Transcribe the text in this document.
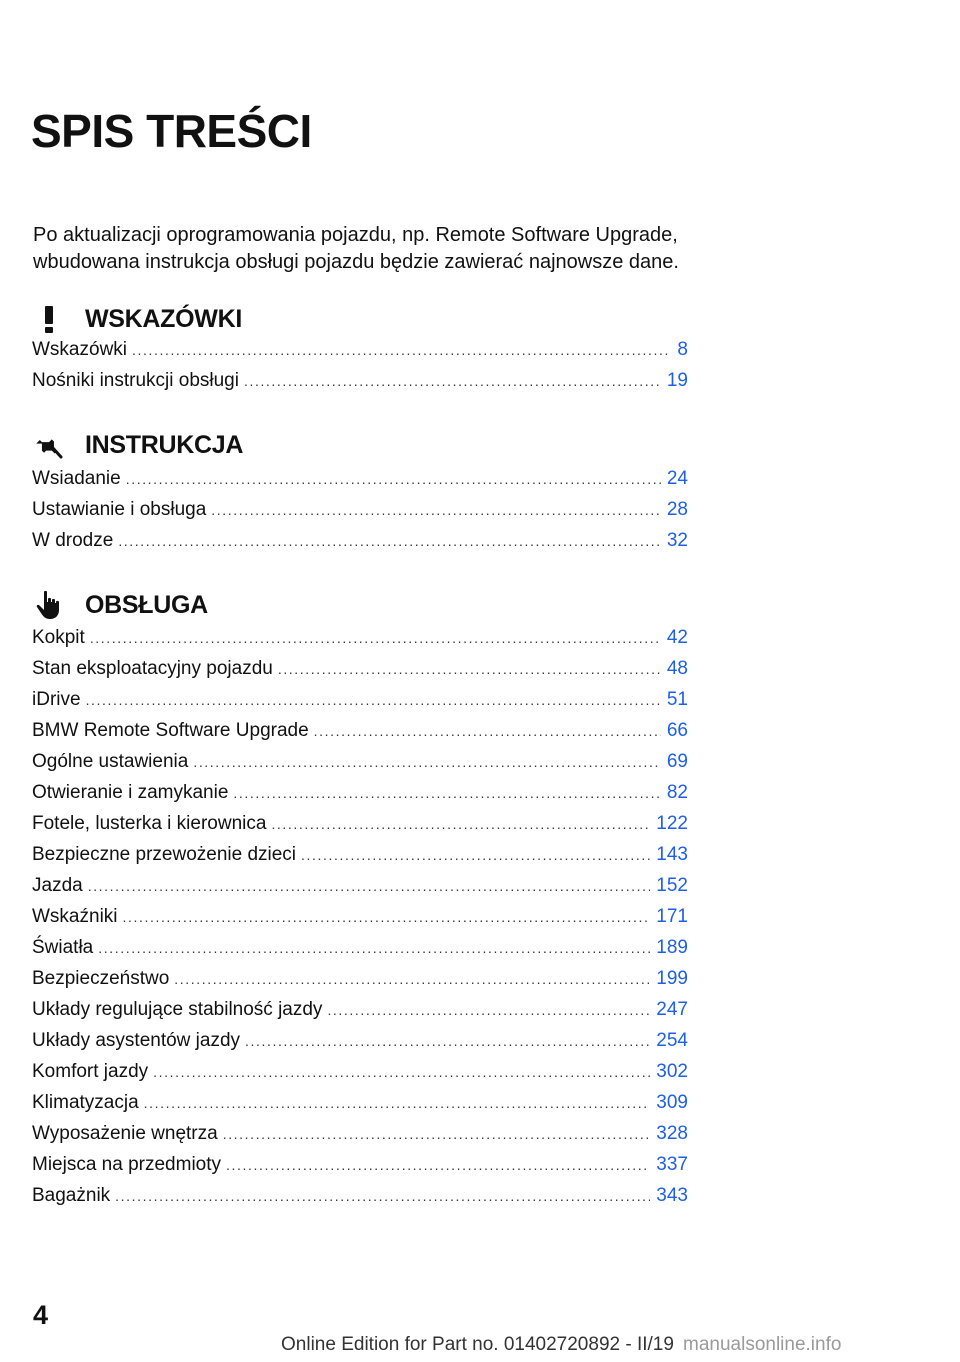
SPIS TREŚCI
Po aktualizacji oprogramowania pojazdu, np. Remote Software Upgrade,
wbudowana instrukcja obsługi pojazdu będzie zawierać najnowsze dane.
WSKAZÓWKI
Wskazówki .....	8
Nośniki instrukcji obsługi .....	19
INSTRUKCJA
Wsiadanie .....	24
Ustawianie i obsługa .....	28
W drodze .....	32
OBSŁUGA
Kokpit .....	42
Stan eksploatacyjny pojazdu .....	48
iDrive .....	51
BMW Remote Software Upgrade .....	66
Ogólne ustawienia .....	69
Otwieranie i zamykanie .....	82
Fotele, lusterka i kierownica .....	122
Bezpieczne przewożenie dzieci .....	143
Jazda .....	152
Wskaźniki .....	171
Światła .....	189
Bezpieczeństwo .....	199
Układy regulujące stabilność jazdy .....	247
Układy asystentów jazdy .....	254
Komfort jazdy .....	302
Klimatyzacja .....	309
Wyposażenie wnętrza .....	328
Miejsca na przedmioty .....	337
Bagażnik .....	343
4
Online Edition for Part no. 01402720892 - II/19 manualsonline.info
